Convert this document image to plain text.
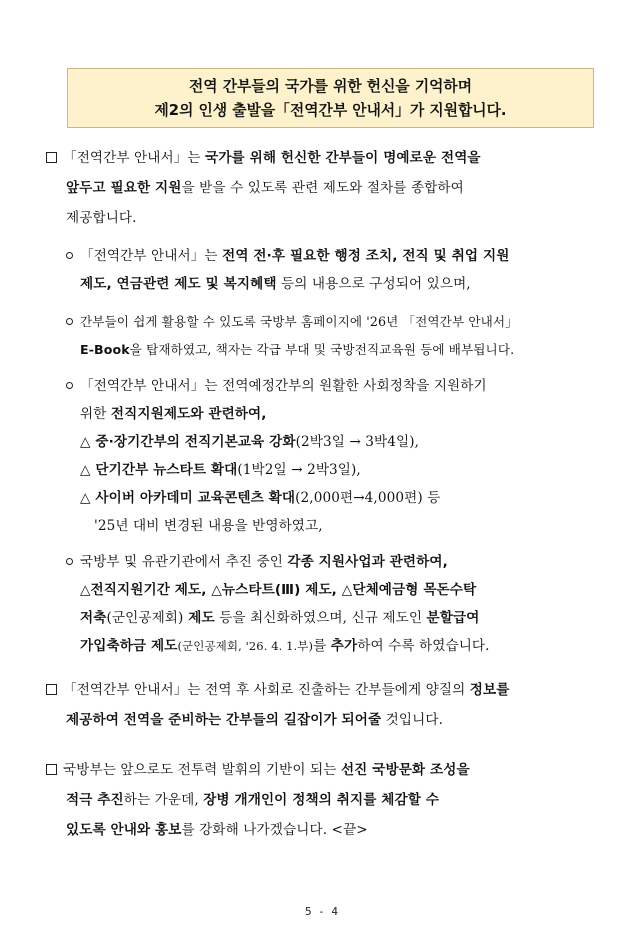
전역 간부들의 국가를 위한 헌신을 기억하며
제2의 인생 출발을「전역간부 안내서」가 지원합니다.
「전역간부 안내서」는 국가를 위해 헌신한 간부들이 명예로운 전역을
앞두고 필요한 지원을 받을 수 있도록 관련 제도와 절차를 종합하여
제공합니다.
「전역간부 안내서」는 전역 전·후 필요한 행정 조치, 전직 및 취업 지원
제도, 연금관련 제도 및 복지혜택 등의 내용으로 구성되어 있으며,
간부들이 쉽게 활용할 수 있도록 국방부 홈페이지에 '26년 「전역간부 안내서」
E-Book을 탑재하였고, 책자는 각급 부대 및 국방전직교육원 등에 배부됩니다.
「전역간부 안내서」는 전역예정간부의 원활한 사회정착을 지원하기
위한 전직지원제도와 관련하여,
△ 중·장기간부의 전직기본교육 강화(2박3일 → 3박4일),
△ 단기간부 뉴스타트 확대(1박2일 → 2박3일),
△ 사이버 아카데미 교육콘텐츠 확대(2,000편→4,000편) 등
'25년 대비 변경된 내용을 반영하였고,
국방부 및 유관기관에서 추진 중인 각종 지원사업과 관련하여,
△전직지원기간 제도, △뉴스타트(Ⅲ) 제도, △단체예금형 목돈수탁
저축(군인공제회) 제도 등을 최신화하였으며, 신규 제도인 분할급여
가입축하금 제도(군인공제회, '26. 4. 1.부)를 추가하여 수록 하였습니다.
「전역간부 안내서」는 전역 후 사회로 진출하는 간부들에게 양질의 정보를
제공하여 전역을 준비하는 간부들의 길잡이가 되어줄 것입니다.
국방부는 앞으로도 전투력 발휘의 기반이 되는 선진 국방문화 조성을
적극 추진하는 가운데, 장병 개개인이 정책의 취지를 체감할 수
있도록 안내와 홍보를 강화해 나가겠습니다. <끝>
5 - 4
